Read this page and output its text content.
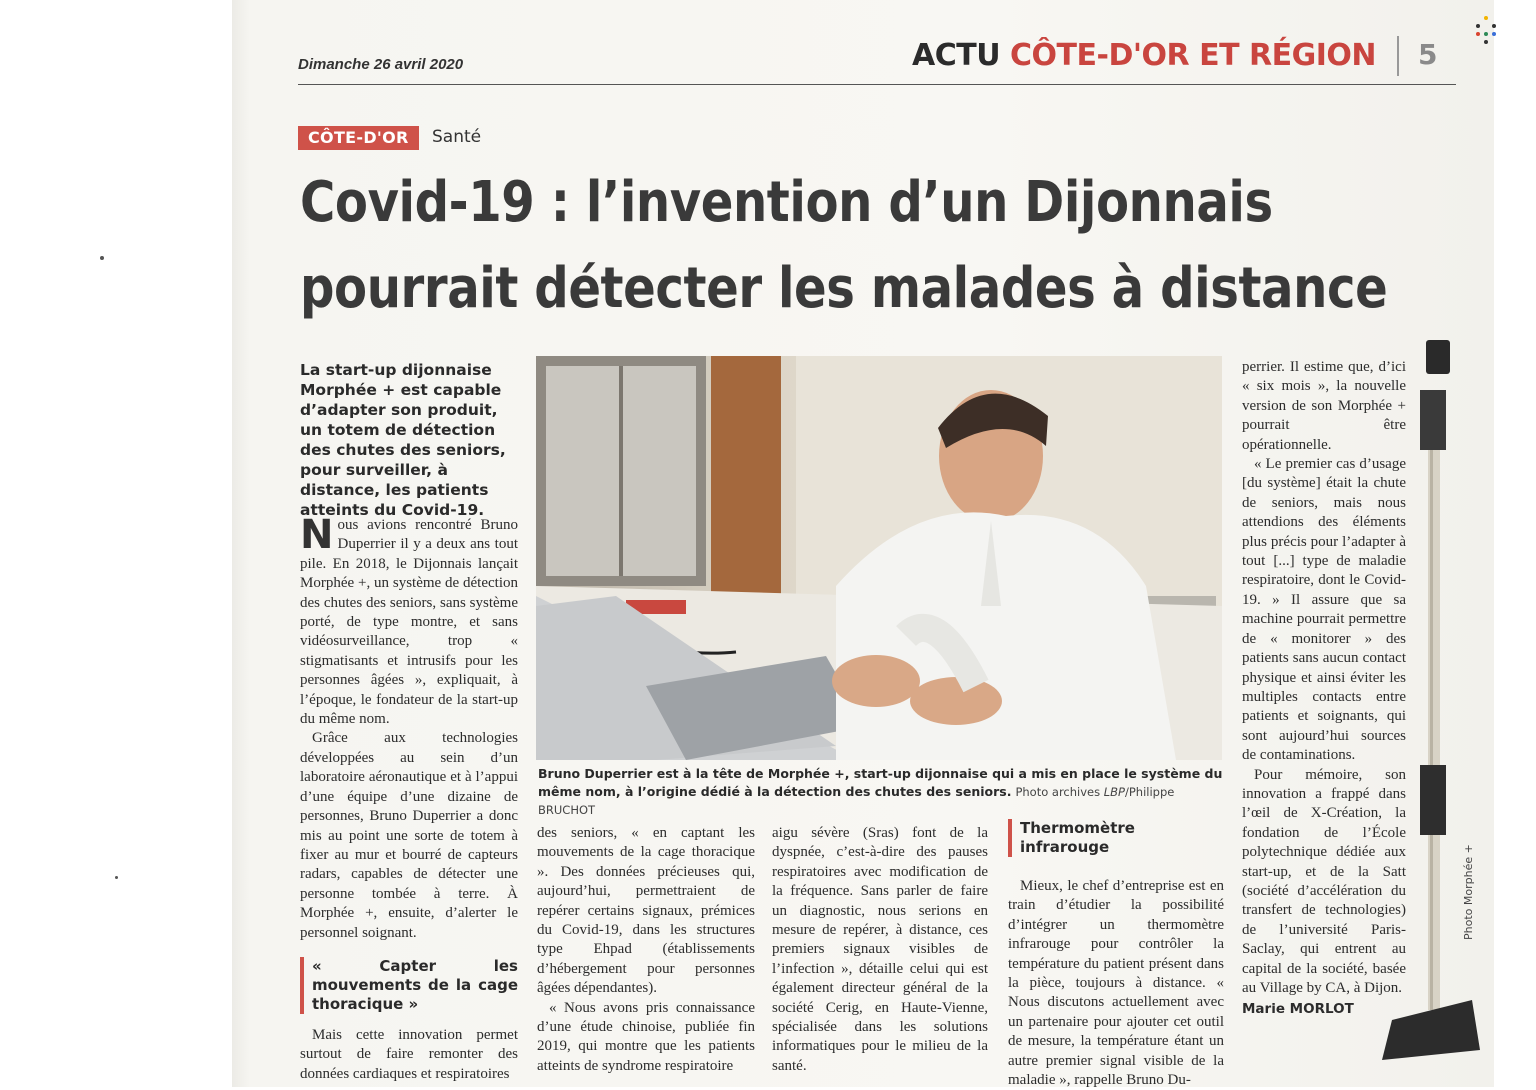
Dimanche 26 avril 2020	ACTU CÔTE-D'OR ET RÉGION 5
CÔTE-D'OR	Santé
Covid-19 : l’invention d’un Dijonnais
pourrait détecter les malades à distance
La start-up dijonnaise Morphée + est capable d’adapter son produit, un totem de détection des chutes des seniors, pour surveiller, à distance, les patients atteints du Covid-19.

Nous avions rencontré Bruno Duperrier il y a deux ans tout pile. En 2018, le Dijonnais lançait Morphée +, un système de détection des chutes des seniors, sans système porté, de type montre, et sans vidéosurveillance, trop « stigmatisants et intrusifs pour les personnes âgées », expliquait, à l’époque, le fondateur de la start-up du même nom.

Grâce aux technologies développées au sein d’un laboratoire aéronautique et à l’appui d’une équipe d’une dizaine de personnes, Bruno Duperrier a donc mis au point une sorte de totem à fixer au mur et bourré de capteurs radars, capables de détecter une personne tombée à terre. À Morphée +, ensuite, d’alerter le personnel soignant.

« Capter les mouvements de la cage thoracique »

Mais cette innovation permet surtout de faire remonter des données cardiaques et respiratoires

Bruno Duperrier est à la tête de Morphée +, start-up dijonnaise qui a mis en place le système du même nom, à l’origine dédié à la détection des chutes des seniors. Photo archives LBP/Philippe BRUCHOT

des seniors, « en captant les mouvements de la cage thoracique ». Des données précieuses qui, aujourd’hui, permettraient de repérer certains signaux, prémices du Covid-19, dans les structures type Ehpad (établissements d’hébergement pour personnes âgées dépendantes).

« Nous avons pris connaissance d’une étude chinoise, publiée fin 2019, qui montre que les patients atteints de syndrome respiratoire

aigu sévère (Sras) font de la dyspnée, c’est-à-dire des pauses respiratoires avec modification de la fréquence. Sans parler de faire un diagnostic, nous serions en mesure de repérer, à distance, ces premiers signaux visibles de l’infection », détaille celui qui est également directeur général de la société Cerig, en Haute-Vienne, spécialisée dans les solutions informatiques pour le milieu de la santé.

Thermomètre infrarouge

Mieux, le chef d’entreprise est en train d’étudier la possibilité d’intégrer un thermomètre infrarouge pour contrôler la température du patient présent dans la pièce, toujours à distance. « Nous discutons actuellement avec un partenaire pour ajouter cet outil de mesure, la température étant un autre premier signal visible de la maladie », rappelle Bruno Du-

perrier. Il estime que, d’ici « six mois », la nouvelle version de son Morphée + pourrait être opérationnelle.

« Le premier cas d’usage [du système] était la chute de seniors, mais nous attendions des éléments plus précis pour l’adapter à tout [...] type de maladie respiratoire, dont le Covid-19. » Il assure que sa machine pourrait permettre de « monitorer » des patients sans aucun contact physique et ainsi éviter les multiples contacts entre patients et soignants, qui sont aujourd’hui sources de contaminations.

Pour mémoire, son innovation a frappé dans l’œil de X-Création, la fondation de l’École polytechnique dédiée aux start-up, et de la Satt (société d’accélération du transfert de technologies) de l’université Paris-Saclay, qui entrent au capital de la société, basée au Village by CA, à Dijon.

Marie MORLOT
Photo Morphée +
